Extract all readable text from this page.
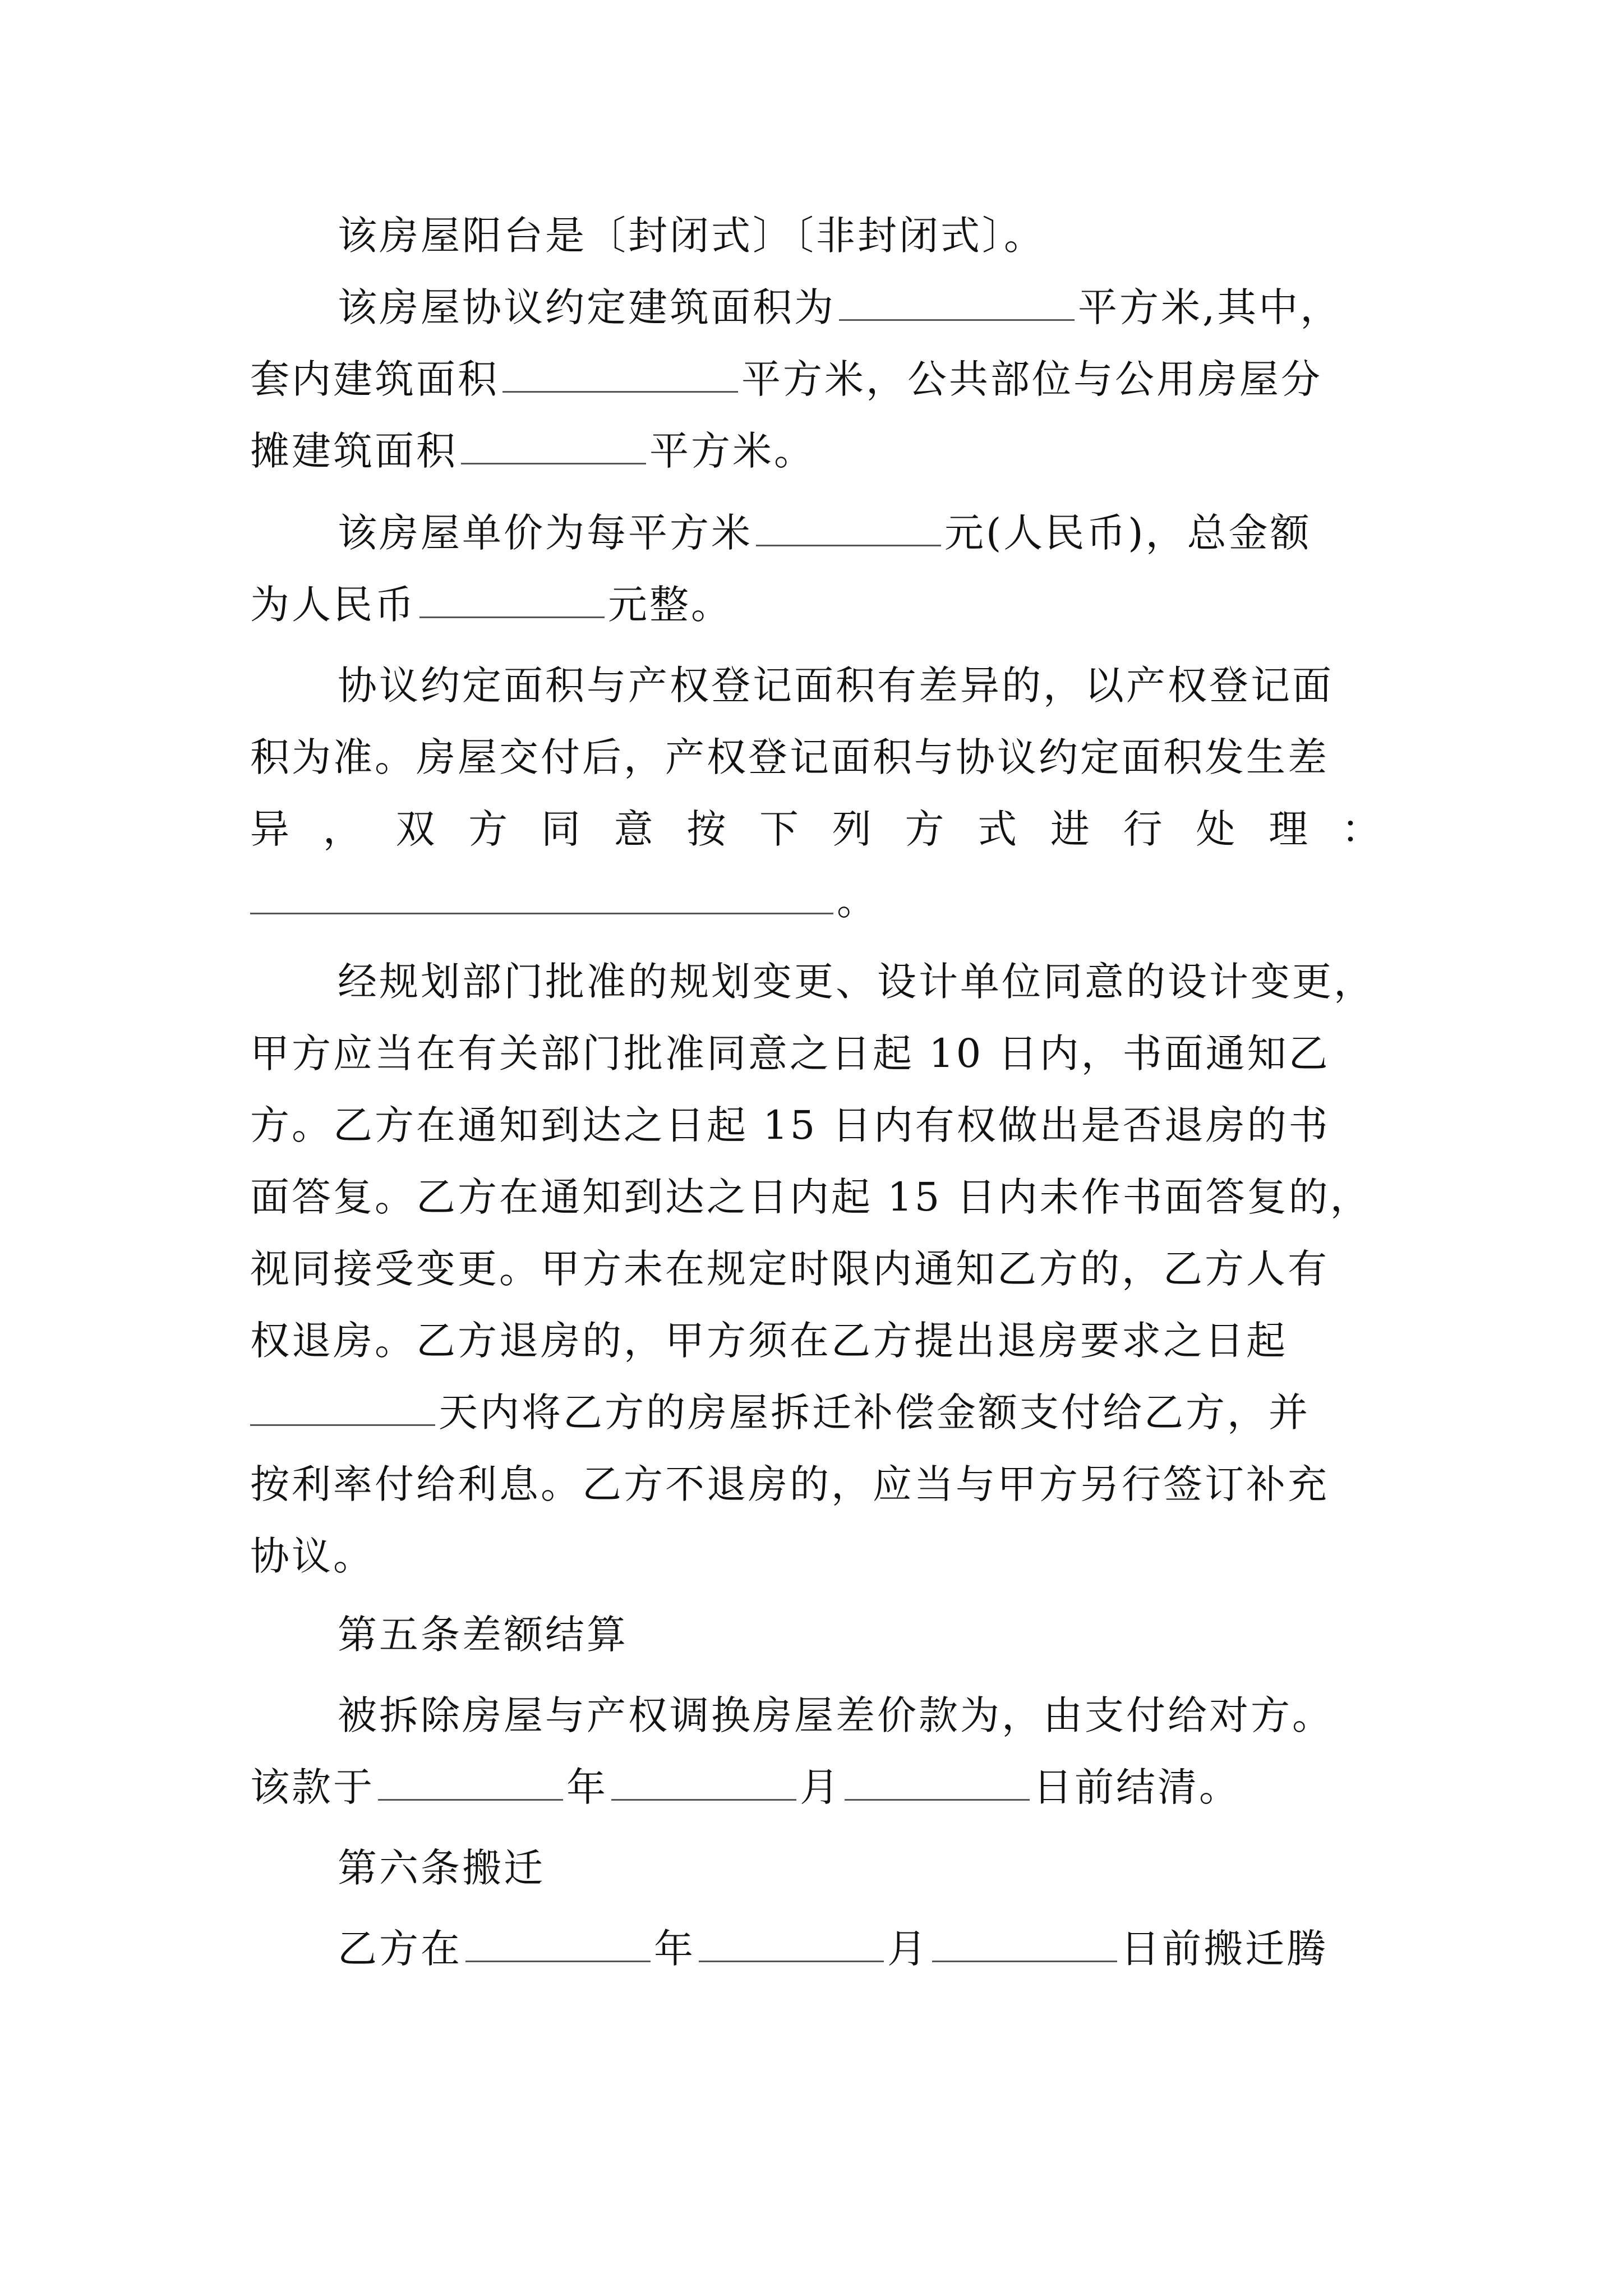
该房屋阳台是〔封闭式〕〔非封闭式〕。
该房屋协议约定建筑面积为	平方米,其中，
套内建筑面积	平方米，公共部位与公用房屋分
摊建筑面积	平方米。
该房屋单价为每平方米	元(人民币)，总金额
为人民币	元整。
协议约定面积与产权登记面积有差异的，以产权登记面
积为准。房屋交付后，产权登记面积与协议约定面积发生差
异 ， 双 方 同 意 按 下 列 方 式 进 行 处 理 ：
。
经规划部门批准的规划变更、设计单位同意的设计变更，
甲方应当在有关部门批准同意之日起 10 日内，书面通知乙
方。乙方在通知到达之日起 15 日内有权做出是否退房的书
面答复。乙方在通知到达之日内起 15 日内未作书面答复的，
视同接受变更。甲方未在规定时限内通知乙方的，乙方人有
权退房。乙方退房的，甲方须在乙方提出退房要求之日起
天内将乙方的房屋拆迁补偿金额支付给乙方，并
按利率付给利息。乙方不退房的，应当与甲方另行签订补充
协议。
第五条差额结算
被拆除房屋与产权调换房屋差价款为，由支付给对方。
该款于	年	月	日前结清。
第六条搬迁
乙方在	年	月	日前搬迁腾
